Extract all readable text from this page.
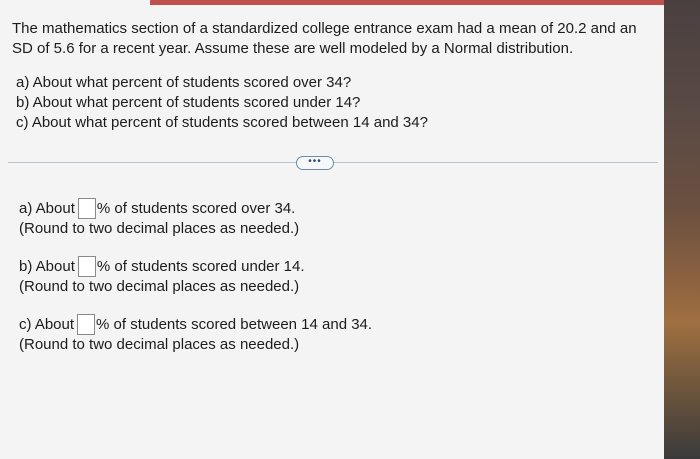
The mathematics section of a standardized college entrance exam had a mean of 20.2 and an SD of 5.6 for a recent year. Assume these are well modeled by a Normal distribution.
a) About what percent of students scored over 34?
b) About what percent of students scored under 14?
c) About what percent of students scored between 14 and 34?
•••
a) About % of students scored over 34.
(Round to two decimal places as needed.)
b) About % of students scored under 14.
(Round to two decimal places as needed.)
c) About % of students scored between 14 and 34.
(Round to two decimal places as needed.)
